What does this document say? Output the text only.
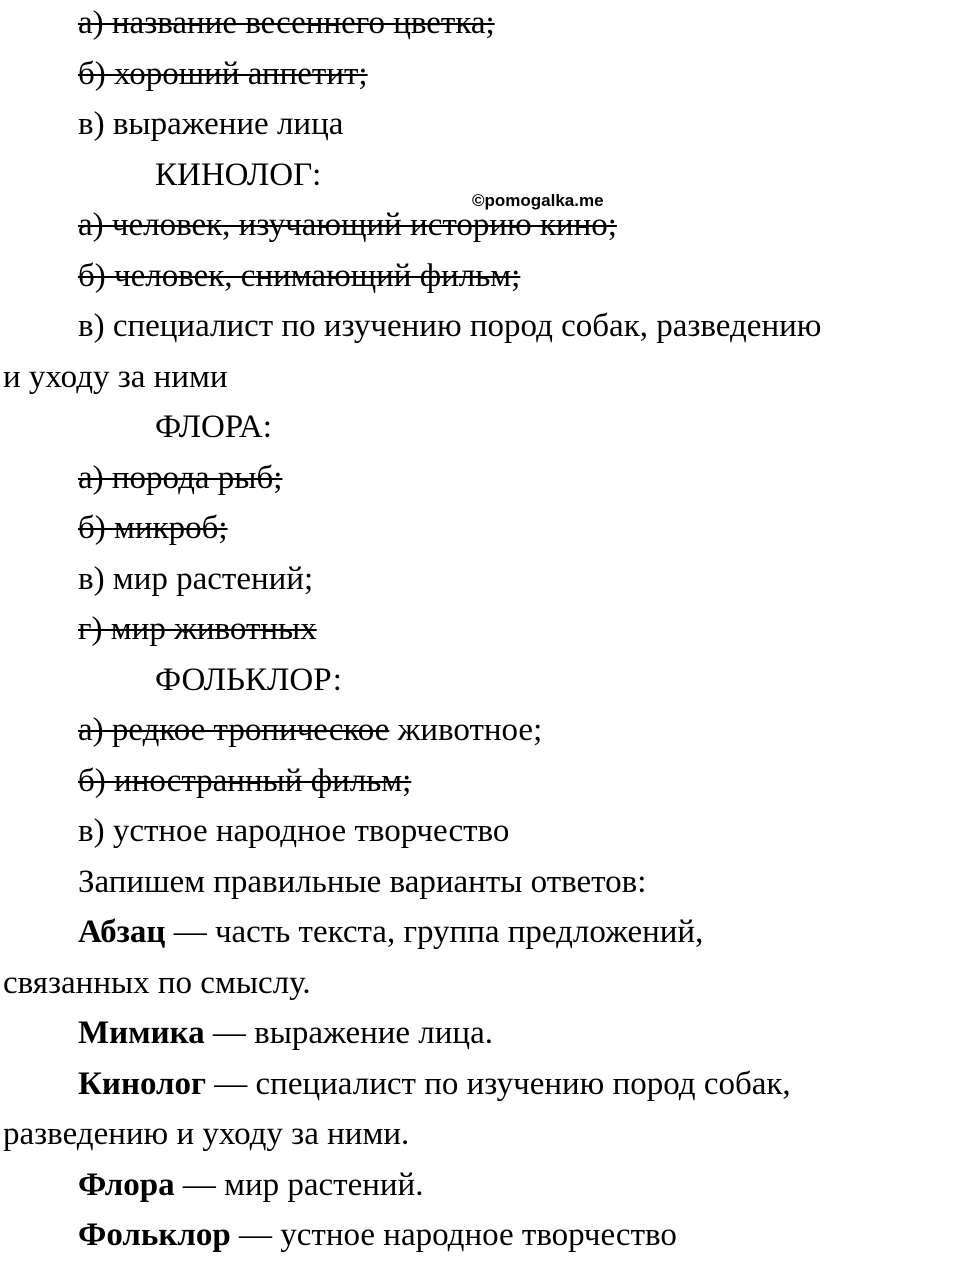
а) название весеннего цветка;
б) хороший аппетит;
в) выражение лица
КИНОЛОГ:
а) человек, изучающий историю кино;
б) человек, снимающий фильм;
в) специалист по изучению пород собак, разведению
и уходу за ними
ФЛОРА:
а) порода рыб;
б) микроб;
в) мир растений;
г) мир животных
ФОЛЬКЛОР:
а) редкое тропическое животное;
б) иностранный фильм;
в) устное народное творчество
Запишем правильные варианты ответов:
Абзац — часть текста, группа предложений,
связанных по смыслу.
Мимика — выражение лица.
Кинолог — специалист по изучению пород собак,
разведению и уходу за ними.
Флора — мир растений.
Фольклор — устное народное творчество
©pomogalka.me
